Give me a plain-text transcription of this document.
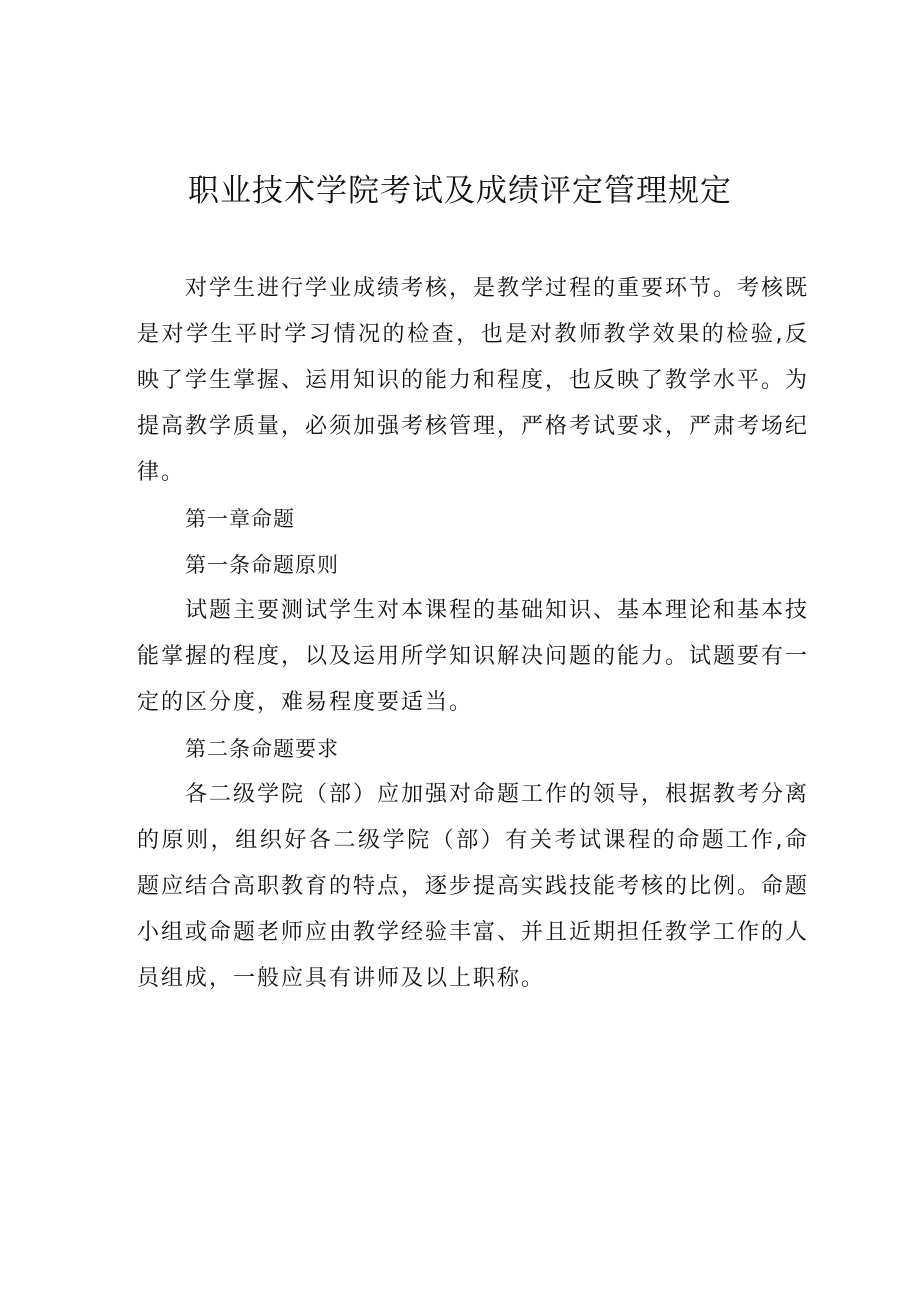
职业技术学院考试及成绩评定管理规定

对学生进行学业成绩考核，是教学过程的重要环节。考核既是对学生平时学习情况的检查，也是对教师教学效果的检验,反映了学生掌握、运用知识的能力和程度，也反映了教学水平。为提高教学质量，必须加强考核管理，严格考试要求，严肃考场纪律。

第一章命题

第一条命题原则

试题主要测试学生对本课程的基础知识、基本理论和基本技能掌握的程度，以及运用所学知识解决问题的能力。试题要有一定的区分度，难易程度要适当。

第二条命题要求

各二级学院（部）应加强对命题工作的领导，根据教考分离的原则，组织好各二级学院（部）有关考试课程的命题工作,命题应结合高职教育的特点，逐步提高实践技能考核的比例。命题小组或命题老师应由教学经验丰富、并且近期担任教学工作的人员组成，一般应具有讲师及以上职称。
